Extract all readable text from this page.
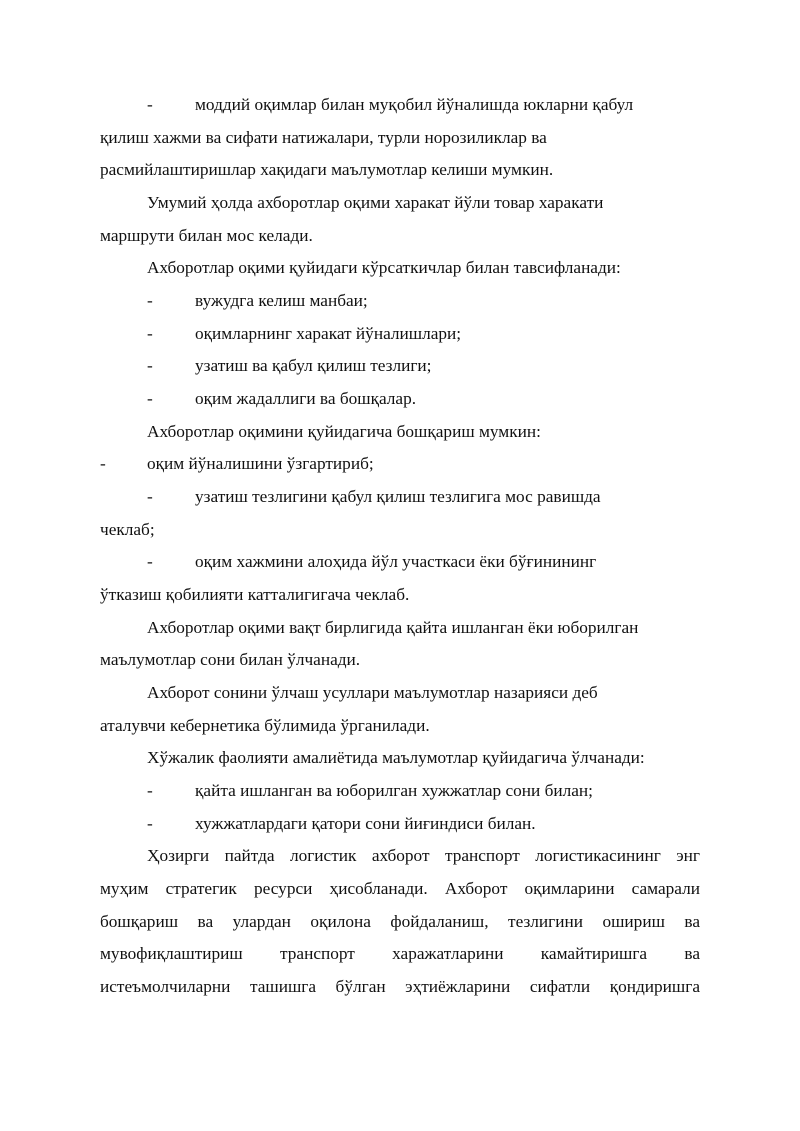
- моддий оқимлар билан муқобил йўналишда юкларни қабул
қилиш хажми ва сифати натижалари, турли норозиликлар ва
расмийлаштиришлар хақидаги маълумотлар келиши мумкин.
Умумий ҳолда ахборотлар оқими харакат йўли товар харакати
маршрути билан мос келади.
Ахборотлар оқими қуйидаги кўрсаткичлар билан тавсифланади:
- вужудга келиш манбаи;
- оқимларнинг харакат йўналишлари;
- узатиш ва қабул қилиш тезлиги;
- оқим жадаллиги ва бошқалар.
Ахборотлар оқимини қуйидагича бошқариш мумкин:
- оқим йўналишини ўзгартириб;
- узатиш тезлигини қабул қилиш тезлигига мос равишда
чеклаб;
- оқим хажмини алоҳида йўл участкаси ёки бўғинининг
ўтказиш қобилияти катталигигача чеклаб.
Ахборотлар оқими вақт бирлигида қайта ишланган ёки юборилган
маълумотлар сони билан ўлчанади.
Ахборот сонини ўлчаш усуллари маълумотлар назарияси деб
аталувчи кебернетика бўлимида ўрганилади.
Хўжалик фаолияти амалиётида маълумотлар қуйидагича ўлчанади:
- қайта ишланган ва юборилган хужжатлар сони билан;
- хужжатлардаги қатори сони йиғиндиси билан.
Ҳозирги пайтда логистик ахборот транспорт логистикасининг энг
муҳим стратегик ресурси ҳисобланади. Ахборот оқимларини самарали
бошқариш ва улардан оқилона фойдаланиш, тезлигини ошириш ва
мувофиқлаштириш транспорт харажатларини камайтиришга ва
истеъмолчиларни ташишга бўлган эҳтиёжларини сифатли қондиришга
